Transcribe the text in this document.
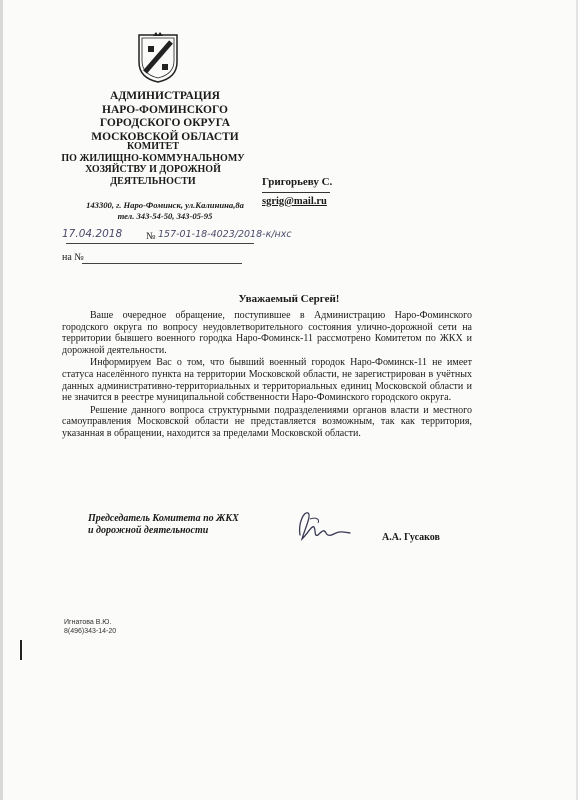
АДМИНИСТРАЦИЯ
НАРО-ФОМИНСКОГО
ГОРОДСКОГО ОКРУГА
МОСКОВСКОЙ ОБЛАСТИ
КОМИТЕТ
ПО ЖИЛИЩНО-КОММУНАЛЬНОМУ
ХОЗЯЙСТВУ И ДОРОЖНОЙ
ДЕЯТЕЛЬНОСТИ
143300, г. Наро-Фоминск, ул.Калинина,8а
тел. 343-54-50, 343-05-95
Григорьеву С.
sgrig@mail.ru
17.04.2018 № 157-01-18-4023/2018-к/нхс
на №
Уважаемый Сергей!

Ваше очередное обращение, поступившее в Администрацию Наро-Фоминского городского округа по вопросу неудовлетворительного состояния улично-дорожной сети на территории бывшего военного городка Наро-Фоминск-11 рассмотрено Комитетом по ЖКХ и дорожной деятельности.

Информируем Вас о том, что бывший военный городок Наро-Фоминск-11 не имеет статуса населённого пункта на территории Московской области, не зарегистрирован в учётных данных административно-территориальных и территориальных единиц Московской области и не значится в реестре муниципальной собственности Наро-Фоминского городского округа.

Решение данного вопроса структурными подразделениями органов власти и местного самоуправления Московской области не представляется возможным, так как территория, указанная в обращении, находится за пределами Московской области.

Председатель Комитета по ЖКХ
и дорожной деятельности
А.А. Гусаков
Игнатова В.Ю.
8(496)343-14-20
